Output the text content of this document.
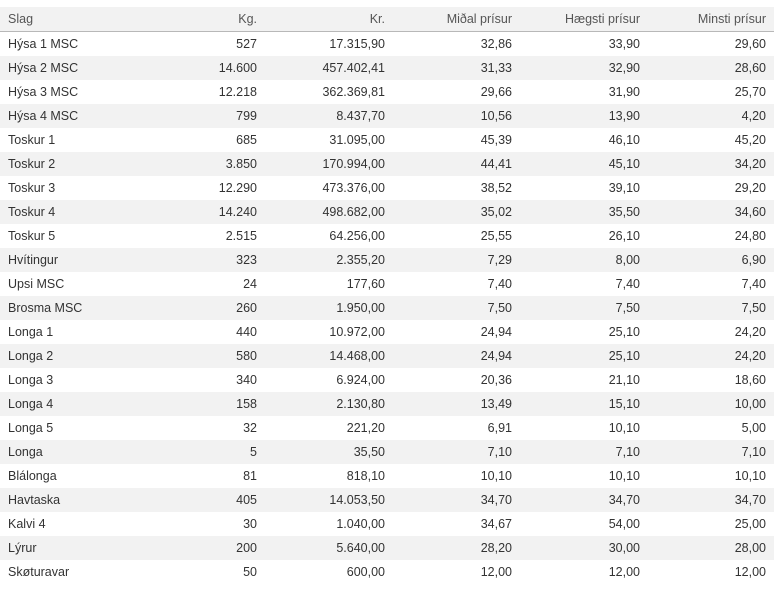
Slag	Kg.	Kr.	Miðal prísur	Hægsti prísur	Minsti prísur
Hýsa 1 MSC	527	17.315,90	32,86	33,90	29,60
Hýsa 2 MSC	14.600	457.402,41	31,33	32,90	28,60
Hýsa 3 MSC	12.218	362.369,81	29,66	31,90	25,70
Hýsa 4 MSC	799	8.437,70	10,56	13,90	4,20
Toskur 1	685	31.095,00	45,39	46,10	45,20
Toskur 2	3.850	170.994,00	44,41	45,10	34,20
Toskur 3	12.290	473.376,00	38,52	39,10	29,20
Toskur 4	14.240	498.682,00	35,02	35,50	34,60
Toskur 5	2.515	64.256,00	25,55	26,10	24,80
Hvítingur	323	2.355,20	7,29	8,00	6,90
Upsi MSC	24	177,60	7,40	7,40	7,40
Brosma MSC	260	1.950,00	7,50	7,50	7,50
Longa 1	440	10.972,00	24,94	25,10	24,20
Longa 2	580	14.468,00	24,94	25,10	24,20
Longa 3	340	6.924,00	20,36	21,10	18,60
Longa 4	158	2.130,80	13,49	15,10	10,00
Longa 5	32	221,20	6,91	10,10	5,00
Longa	5	35,50	7,10	7,10	7,10
Blálonga	81	818,10	10,10	10,10	10,10
Havtaska	405	14.053,50	34,70	34,70	34,70
Kalvi 4	30	1.040,00	34,67	54,00	25,00
Lýrur	200	5.640,00	28,20	30,00	28,00
Skøturavar	50	600,00	12,00	12,00	12,00
